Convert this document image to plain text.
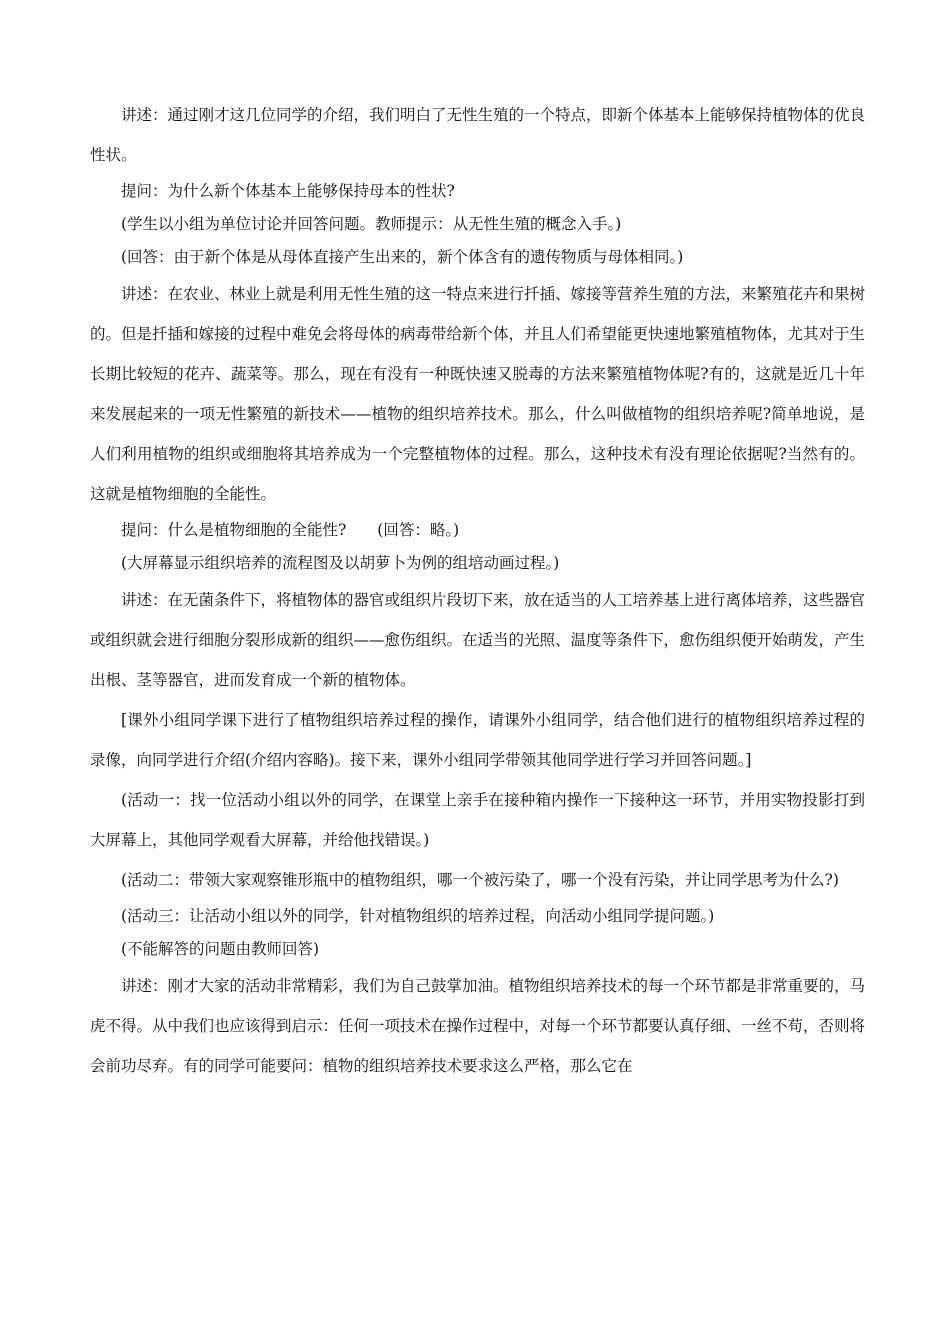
讲述：通过刚才这几位同学的介绍，我们明白了无性生殖的一个特点，即新个体基本上能够保持植物体的优良性状。

提问：为什么新个体基本上能够保持母本的性状?

(学生以小组为单位讨论并回答问题。教师提示：从无性生殖的概念入手。)

(回答：由于新个体是从母体直接产生出来的，新个体含有的遗传物质与母体相同。)

讲述：在农业、林业上就是利用无性生殖的这一特点来进行扦插、嫁接等营养生殖的方法，来繁殖花卉和果树的。但是扦插和嫁接的过程中难免会将母体的病毒带给新个体，并且人们希望能更快速地繁殖植物体，尤其对于生长期比较短的花卉、蔬菜等。那么，现在有没有一种既快速又脱毒的方法来繁殖植物体呢?有的，这就是近几十年来发展起来的一项无性繁殖的新技术——植物的组织培养技术。那么，什么叫做植物的组织培养呢?简单地说，是人们利用植物的组织或细胞将其培养成为一个完整植物体的过程。那么，这种技术有没有理论依据呢?当然有的。这就是植物细胞的全能性。

提问：什么是植物细胞的全能性?　　(回答：略。)

(大屏幕显示组织培养的流程图及以胡萝卜为例的组培动画过程。)

讲述：在无菌条件下，将植物体的器官或组织片段切下来，放在适当的人工培养基上进行离体培养，这些器官或组织就会进行细胞分裂形成新的组织——愈伤组织。在适当的光照、温度等条件下，愈伤组织便开始萌发，产生出根、茎等器官，进而发育成一个新的植物体。

[课外小组同学课下进行了植物组织培养过程的操作，请课外小组同学，结合他们进行的植物组织培养过程的录像，向同学进行介绍(介绍内容略)。接下来，课外小组同学带领其他同学进行学习并回答问题。]

(活动一：找一位活动小组以外的同学，在课堂上亲手在接种箱内操作一下接种这一环节，并用实物投影打到大屏幕上，其他同学观看大屏幕，并给他找错误。)

(活动二：带领大家观察锥形瓶中的植物组织，哪一个被污染了，哪一个没有污染，并让同学思考为什么?)

(活动三：让活动小组以外的同学，针对植物组织的培养过程，向活动小组同学提问题。)

(不能解答的问题由教师回答)

讲述：刚才大家的活动非常精彩，我们为自己鼓掌加油。植物组织培养技术的每一个环节都是非常重要的，马虎不得。从中我们也应该得到启示：任何一项技术在操作过程中，对每一个环节都要认真仔细、一丝不苟，否则将会前功尽弃。有的同学可能要问：植物的组织培养技术要求这么严格，那么它在
